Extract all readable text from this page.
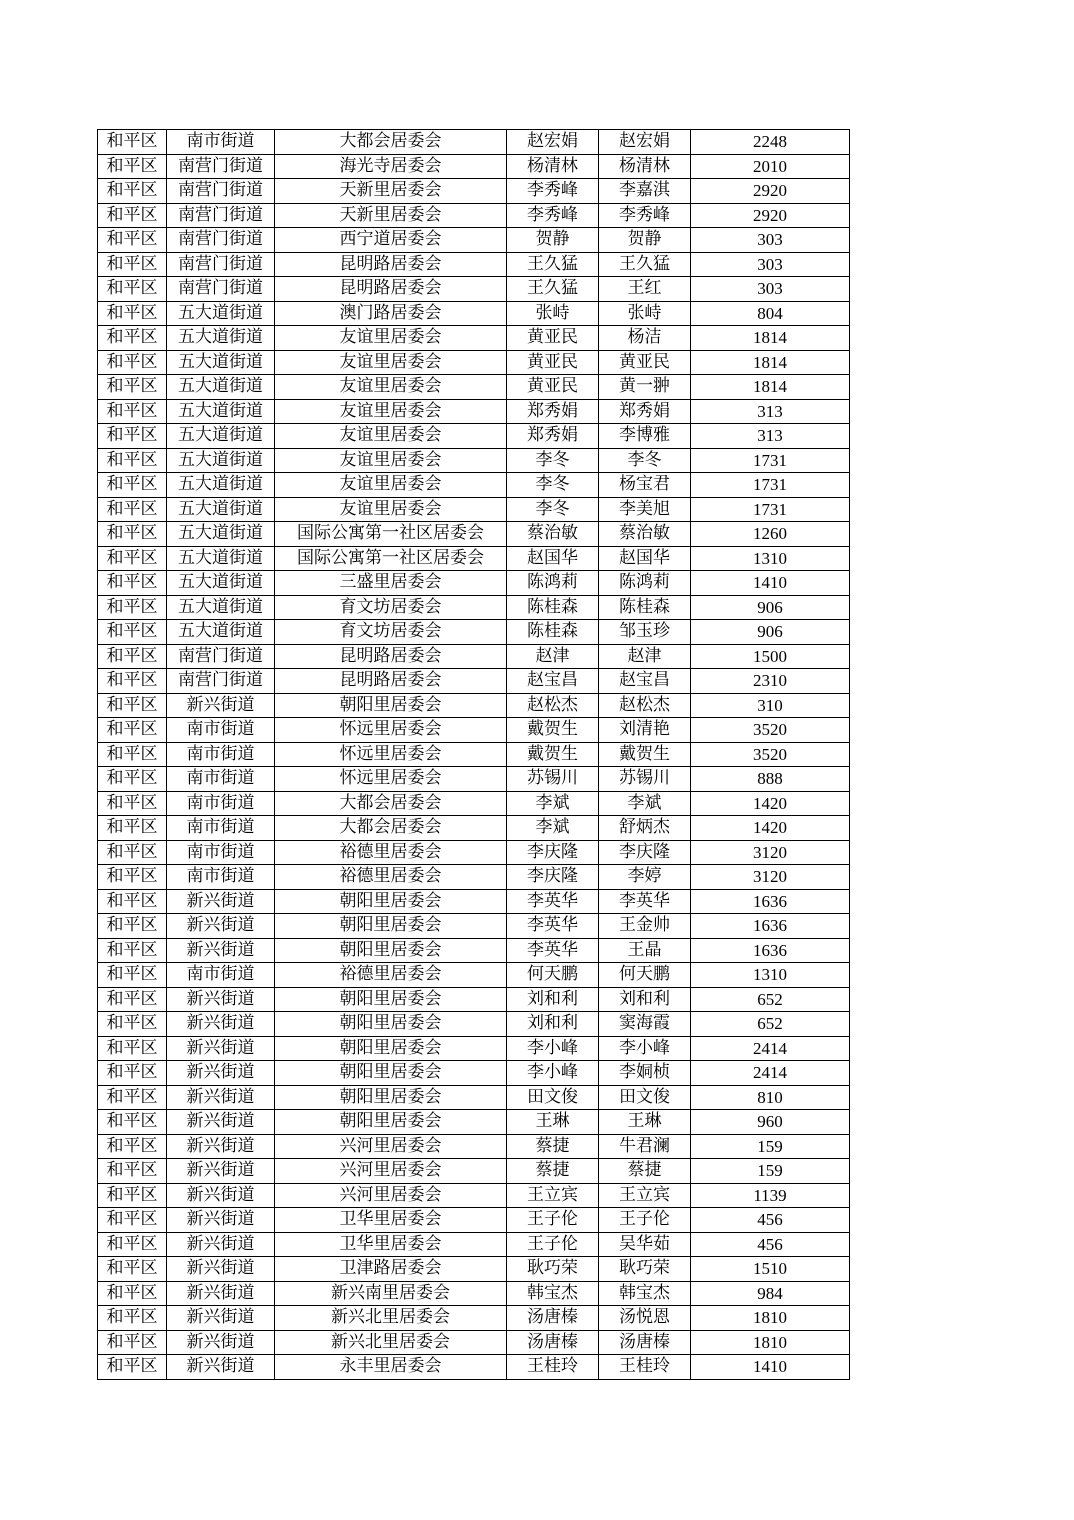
和平区	南市街道	大都会居委会	赵宏娟	赵宏娟	2248
和平区	南营门街道	海光寺居委会	杨清林	杨清林	2010
和平区	南营门街道	天新里居委会	李秀峰	李嘉淇	2920
和平区	南营门街道	天新里居委会	李秀峰	李秀峰	2920
和平区	南营门街道	西宁道居委会	贺静	贺静	303
和平区	南营门街道	昆明路居委会	王久猛	王久猛	303
和平区	南营门街道	昆明路居委会	王久猛	王红	303
和平区	五大道街道	澳门路居委会	张峙	张峙	804
和平区	五大道街道	友谊里居委会	黄亚民	杨洁	1814
和平区	五大道街道	友谊里居委会	黄亚民	黄亚民	1814
和平区	五大道街道	友谊里居委会	黄亚民	黄一翀	1814
和平区	五大道街道	友谊里居委会	郑秀娟	郑秀娟	313
和平区	五大道街道	友谊里居委会	郑秀娟	李博雅	313
和平区	五大道街道	友谊里居委会	李冬	李冬	1731
和平区	五大道街道	友谊里居委会	李冬	杨宝君	1731
和平区	五大道街道	友谊里居委会	李冬	李美旭	1731
和平区	五大道街道	国际公寓第一社区居委会	蔡治敏	蔡治敏	1260
和平区	五大道街道	国际公寓第一社区居委会	赵国华	赵国华	1310
和平区	五大道街道	三盛里居委会	陈鸿莉	陈鸿莉	1410
和平区	五大道街道	育文坊居委会	陈桂森	陈桂森	906
和平区	五大道街道	育文坊居委会	陈桂森	邹玉珍	906
和平区	南营门街道	昆明路居委会	赵津	赵津	1500
和平区	南营门街道	昆明路居委会	赵宝昌	赵宝昌	2310
和平区	新兴街道	朝阳里居委会	赵松杰	赵松杰	310
和平区	南市街道	怀远里居委会	戴贺生	刘清艳	3520
和平区	南市街道	怀远里居委会	戴贺生	戴贺生	3520
和平区	南市街道	怀远里居委会	苏锡川	苏锡川	888
和平区	南市街道	大都会居委会	李斌	李斌	1420
和平区	南市街道	大都会居委会	李斌	舒炳杰	1420
和平区	南市街道	裕德里居委会	李庆隆	李庆隆	3120
和平区	南市街道	裕德里居委会	李庆隆	李婷	3120
和平区	新兴街道	朝阳里居委会	李英华	李英华	1636
和平区	新兴街道	朝阳里居委会	李英华	王金帅	1636
和平区	新兴街道	朝阳里居委会	李英华	王晶	1636
和平区	南市街道	裕德里居委会	何天鹏	何天鹏	1310
和平区	新兴街道	朝阳里居委会	刘和利	刘和利	652
和平区	新兴街道	朝阳里居委会	刘和利	窦海霞	652
和平区	新兴街道	朝阳里居委会	李小峰	李小峰	2414
和平区	新兴街道	朝阳里居委会	李小峰	李姛桢	2414
和平区	新兴街道	朝阳里居委会	田文俊	田文俊	810
和平区	新兴街道	朝阳里居委会	王琳	王琳	960
和平区	新兴街道	兴河里居委会	蔡捷	牛君澜	159
和平区	新兴街道	兴河里居委会	蔡捷	蔡捷	159
和平区	新兴街道	兴河里居委会	王立宾	王立宾	1139
和平区	新兴街道	卫华里居委会	王子伦	王子伦	456
和平区	新兴街道	卫华里居委会	王子伦	吴华茹	456
和平区	新兴街道	卫津路居委会	耿巧荣	耿巧荣	1510
和平区	新兴街道	新兴南里居委会	韩宝杰	韩宝杰	984
和平区	新兴街道	新兴北里居委会	汤唐榛	汤悦恩	1810
和平区	新兴街道	新兴北里居委会	汤唐榛	汤唐榛	1810
和平区	新兴街道	永丰里居委会	王桂玲	王桂玲	1410
